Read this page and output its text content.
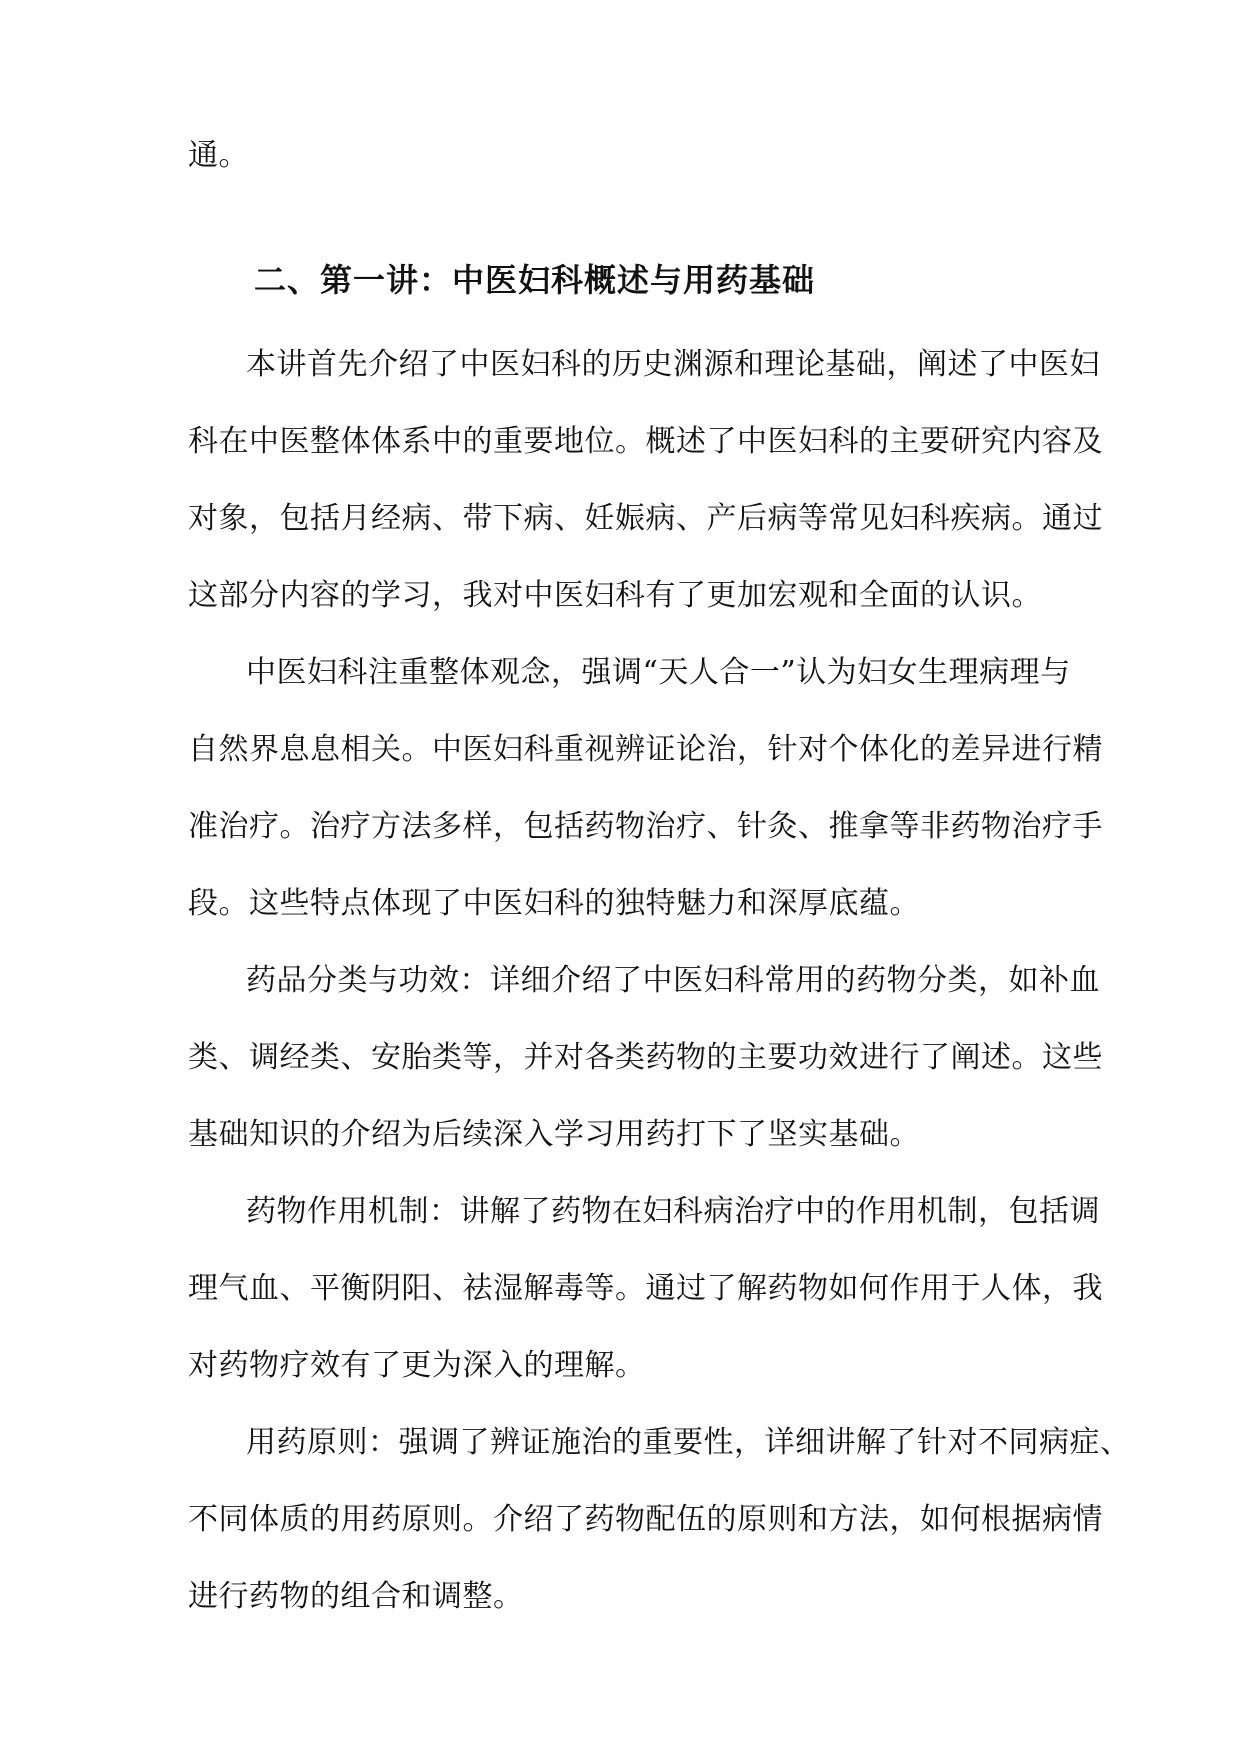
通。
二、第一讲：中医妇科概述与用药基础
本讲首先介绍了中医妇科的历史渊源和理论基础，阐述了中医妇
科在中医整体体系中的重要地位。概述了中医妇科的主要研究内容及
对象，包括月经病、带下病、妊娠病、产后病等常见妇科疾病。通过
这部分内容的学习，我对中医妇科有了更加宏观和全面的认识。
中医妇科注重整体观念，强调“天人合一”认为妇女生理病理与
自然界息息相关。中医妇科重视辨证论治，针对个体化的差异进行精
准治疗。治疗方法多样，包括药物治疗、针灸、推拿等非药物治疗手
段。这些特点体现了中医妇科的独特魅力和深厚底蕴。
药品分类与功效：详细介绍了中医妇科常用的药物分类，如补血
类、调经类、安胎类等，并对各类药物的主要功效进行了阐述。这些
基础知识的介绍为后续深入学习用药打下了坚实基础。
药物作用机制：讲解了药物在妇科病治疗中的作用机制，包括调
理气血、平衡阴阳、祛湿解毒等。通过了解药物如何作用于人体，我
对药物疗效有了更为深入的理解。
用药原则：强调了辨证施治的重要性，详细讲解了针对不同病症、
不同体质的用药原则。介绍了药物配伍的原则和方法，如何根据病情
进行药物的组合和调整。
